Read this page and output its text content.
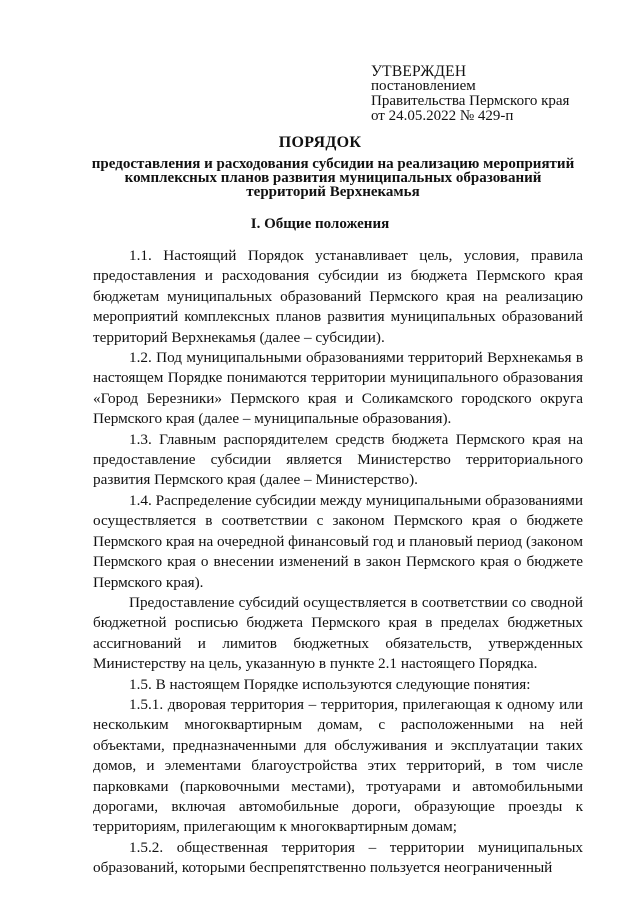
УТВЕРЖДЕН
постановлением
Правительства Пермского края
от 24.05.2022 № 429-п
ПОРЯДОК
предоставления и расходования субсидии на реализацию мероприятий комплексных планов развития муниципальных образований территорий Верхнекамья
I. Общие положения

1.1. Настоящий Порядок устанавливает цель, условия, правила предоставления и расходования субсидии из бюджета Пермского края бюджетам муниципальных образований Пермского края на реализацию мероприятий комплексных планов развития муниципальных образований территорий Верхнекамья (далее – субсидии).

1.2. Под муниципальными образованиями территорий Верхнекамья в настоящем Порядке понимаются территории муниципального образования «Город Березники» Пермского края и Соликамского городского округа Пермского края (далее – муниципальные образования).

1.3. Главным распорядителем средств бюджета Пермского края на предоставление субсидии является Министерство территориального развития Пермского края (далее – Министерство).

1.4. Распределение субсидии между муниципальными образованиями осуществляется в соответствии с законом Пермского края о бюджете Пермского края на очередной финансовый год и плановый период (законом Пермского края о внесении изменений в закон Пермского края о бюджете Пермского края).

Предоставление субсидий осуществляется в соответствии со сводной бюджетной росписью бюджета Пермского края в пределах бюджетных ассигнований и лимитов бюджетных обязательств, утвержденных Министерству на цель, указанную в пункте 2.1 настоящего Порядка.

1.5. В настоящем Порядке используются следующие понятия:

1.5.1. дворовая территория – территория, прилегающая к одному или нескольким многоквартирным домам, с расположенными на ней объектами, предназначенными для обслуживания и эксплуатации таких домов, и элементами благоустройства этих территорий, в том числе парковками (парковочными местами), тротуарами и автомобильными дорогами, включая автомобильные дороги, образующие проезды к территориям, прилегающим к многоквартирным домам;

1.5.2. общественная территория – территории муниципальных образований, которыми беспрепятственно пользуется неограниченный
